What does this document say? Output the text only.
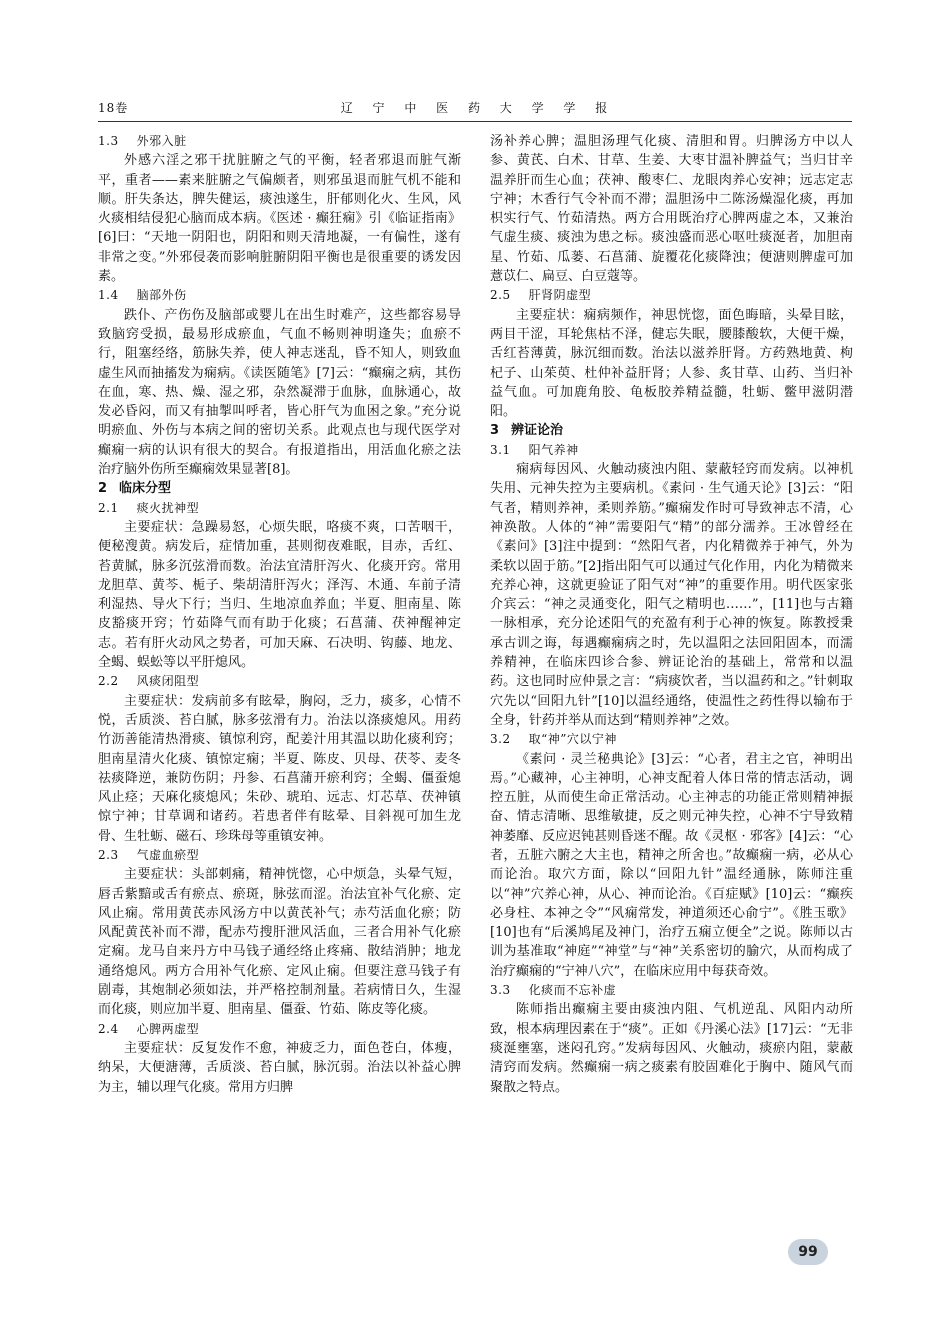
18卷	辽 宁 中 医 药 大 学 学 报
1.3 外邪入脏

外感六淫之邪干扰脏腑之气的平衡，轻者邪退而脏气渐平，重者——素来脏腑之气偏颇者，则邪虽退而脏气机不能和顺。肝失条达，脾失健运，痰浊遂生，肝郁则化火、生风，风火痰相结侵犯心脑而成本病。《医述 · 癫狂痫》引《临证指南》[6]曰：“天地一阴阳也，阴阳和则天清地凝，一有偏性，遂有非常之变。”外邪侵袭而影响脏腑阴阳平衡也是很重要的诱发因素。

1.4 脑部外伤

跌仆、产伤伤及脑部或婴儿在出生时难产，这些都容易导致脑窍受损，最易形成瘀血，气血不畅则神明逢失；血瘀不行，阻塞经络，筋脉失养，使人神志迷乱，昏不知人，则致血虚生风而抽搐发为痫病。《读医随笔》[7]云：“癫痫之病，其伤在血，寒、热、燥、湿之邪，杂然凝滞于血脉，血脉通心，故发必昏闷，而又有抽掣叫呼者，皆心肝气为血困之象。”充分说明瘀血、外伤与本病之间的密切关系。此观点也与现代医学对癫痫一病的认识有很大的契合。有报道指出，用活血化瘀之法治疗脑外伤所至癫痫效果显著[8]。

2 临床分型
2.1 痰火扰神型

主要症状：急躁易怒，心烦失眠，咯痰不爽，口苦咽干，便秘溲黄。病发后，症情加重，甚则彻夜难眠，目赤，舌红、苔黄腻，脉多沉弦滑而数。治法宜清肝泻火、化痰开窍。常用龙胆草、黄芩、栀子、柴胡清肝泻火；泽泻、木通、车前子清利湿热、导火下行；当归、生地凉血养血；半夏、胆南星、陈皮豁痰开窍；竹茹降气而有助于化痰；石菖蒲、茯神醒神定志。若有肝火动风之势者，可加天麻、石决明、钩藤、地龙、全蝎、蜈蚣等以平肝熄风。

2.2 风痰闭阻型

主要症状：发病前多有眩晕，胸闷，乏力，痰多，心情不悦，舌质淡、苔白腻，脉多弦滑有力。治法以涤痰熄风。用药竹沥善能清热滑痰、镇惊利窍，配姜汁用其温以助化痰利窍；胆南星清火化痰、镇惊定痫；半夏、陈皮、贝母、茯苓、麦冬祛痰降逆，兼防伤阴；丹参、石菖蒲开瘀利窍；全蝎、僵蚕熄风止痉；天麻化痰熄风；朱砂、琥珀、远志、灯芯草、茯神镇惊宁神；甘草调和诸药。若患者伴有眩晕、目斜视可加生龙骨、生牡蛎、磁石、珍珠母等重镇安神。

2.3 气虚血瘀型

主要症状：头部刺痛，精神恍惚，心中烦急，头晕气短，唇舌紫黯或舌有瘀点、瘀斑，脉弦而涩。治法宜补气化瘀、定风止痫。常用黄芪赤风汤方中以黄芪补气；赤芍活血化瘀；防风配黄芪补而不滞，配赤芍搜肝泄风活血，三者合用补气化瘀定痫。龙马自来丹方中马钱子通经络止疼痛、散结消肿；地龙通络熄风。两方合用补气化瘀、定风止痫。但要注意马钱子有剧毒，其炮制必须如法，并严格控制剂量。若病情日久，生湿而化痰，则应加半夏、胆南星、僵蚕、竹茹、陈皮等化痰。

2.4 心脾两虚型

主要症状：反复发作不愈，神疲乏力，面色苍白，体瘦，纳呆，大便溏薄，舌质淡、苔白腻，脉沉弱。治法以补益心脾为主，辅以理气化痰。常用方归脾

汤补养心脾；温胆汤理气化痰、清胆和胃。归脾汤方中以人参、黄芪、白术、甘草、生姜、大枣甘温补脾益气；当归甘辛温养肝而生心血；茯神、酸枣仁、龙眼肉养心安神；远志定志宁神；木香行气令补而不滞；温胆汤中二陈汤燥湿化痰，再加枳实行气、竹茹清热。两方合用既治疗心脾两虚之本，又兼治气虚生痰、痰浊为患之标。痰浊盛而恶心呕吐痰涎者，加胆南星、竹茹、瓜蒌、石菖蒲、旋覆花化痰降浊；便溏则脾虚可加薏苡仁、扁豆、白豆蔻等。

2.5 肝肾阴虚型

主要症状：痫病频作，神思恍惚，面色晦暗，头晕目眩，两目干涩，耳轮焦枯不泽，健忘失眠，腰膝酸软，大便干燥，舌红苔薄黄，脉沉细而数。治法以滋养肝肾。方药熟地黄、枸杞子、山茱萸、杜仲补益肝肾；人参、炙甘草、山药、当归补益气血。可加鹿角胶、龟板胶养精益髓，牡蛎、鳖甲滋阴潜阳。

3 辨证论治
3.1 阳气养神

痫病每因风、火触动痰浊内阻、蒙蔽轻窍而发病。以神机失用、元神失控为主要病机。《素问 · 生气通天论》[3]云：“阳气者，精则养神，柔则养筋。”癫痫发作时可导致神志不清，心神涣散。人体的“神”需要阳气“精”的部分濡养。王冰曾经在《素问》[3]注中提到：“然阳气者，内化精微养于神气，外为柔软以固于筋。”[2]指出阳气可以通过气化作用，内化为精微来充养心神，这就更验证了阳气对“神”的重要作用。明代医家张介宾云：“神之灵通变化，阳气之精明也……”，[11]也与古籍一脉相承，充分论述阳气的充盈有利于心神的恢复。陈教授秉承古训之诲，每遇癫痫病之时，先以温阳之法回阳固本，而濡养精神，在临床四诊合参、辨证论治的基础上，常常和以温药。这也同时应仲景之言：“病痰饮者，当以温药和之。”针刺取穴先以“回阳九针”[10]以温经通络，使温性之药性得以输布于全身，针药并举从而达到“精则养神”之效。

3.2 取“神”穴以宁神

《素问 · 灵兰秘典论》[3]云：“心者，君主之官，神明出焉。”心藏神，心主神明，心神支配着人体日常的情志活动，调控五脏，从而使生命正常活动。心主神志的功能正常则精神振奋、情志清晰、思维敏捷，反之则元神失控，心神不宁导致精神萎靡、反应迟钝甚则昏迷不醒。故《灵枢 · 邪客》[4]云：“心者，五脏六腑之大主也，精神之所舍也。”故癫痫一病，必从心而论治。取穴方面，除以“回阳九针”温经通脉，陈师注重以“神”穴养心神，从心、神而论治。《百症赋》[10]云：“癫疾必身柱、本神之令”“风痫常发，神道须还心俞宁”。《胜玉歌》[10]也有“后溪鸠尾及神门，治疗五痫立便全”之说。陈师以古训为基准取“神庭”“神堂”与“神”关系密切的腧穴，从而构成了治疗癫痫的“宁神八穴”，在临床应用中每获奇效。

3.3 化痰而不忘补虚

陈师指出癫痫主要由痰浊内阻、气机逆乱、风阳内动所致，根本病理因素在于“痰”。正如《丹溪心法》[17]云：“无非痰涎壅塞，迷闷孔窍。”发病每因风、火触动，痰瘀内阻，蒙蔽清窍而发病。然癫痫一病之痰素有胶固难化于胸中、随风气而聚散之特点。

99
